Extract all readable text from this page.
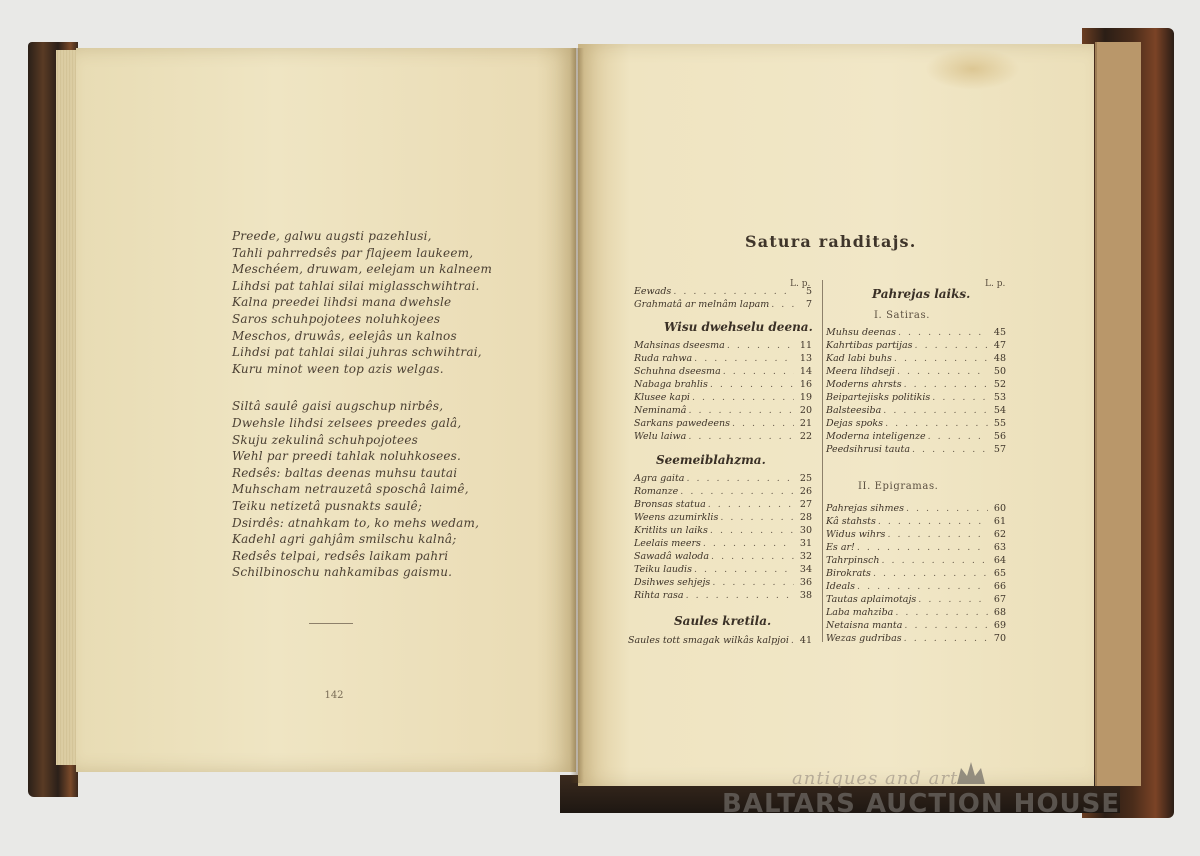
Preede, galwu augsti pazehlusi,
Tahli pahrredsês par flajeem laukeem,
Meschéem, druwam, eelejam un kalneem
Lihdsi pat tahlai silai miglasschwihtrai.
Kalna preedei lihdsi mana dwehsle
Saros schuhpojotees noluhkojees
Meschos, druwâs, eelejâs un kalnos
Lihdsi pat tahlai silai juhras schwihtrai,
Kuru minot ween top azis welgas.
Siltâ saulê gaisi augschup nirbês,
Dwehsle lihdsi zelsees preedes galâ,
Skuju zekulinâ schuhpojotees
Wehl par preedi tahlak noluhkosees.
Redsês: baltas deenas muhsu tautai
Muhscham netrauzetâ sposchâ laimê,
Teiku netizetâ pusnakts saulê;
Dsirdês: atnahkam to, ko mehs wedam,
Kadehl agri gahjâm smilschu kalnâ;
Redsês telpai, redsês laikam pahri
Schilbinoschu nahkamibas gaismu.
142
Satura rahditajs.
L. p.	L. p.
Eewads . . .	5
Grahmatâ ar melnâm lapam . . .	7
Wisu dwehselu deena.
Mahsinas dseesma . . .	11
Ruda rahwa . . .	13
Schuhna dseesma . . .	14
Nabaga brahlis . . .	16
Klusee kapi . . .	19
Neminamâ . . .	20
Sarkans pawedeens . . .	21
Welu laiwa . . .	22
Seemeiblahzma.
Agra gaita . . .	25
Romanze . . .	26
Bronsas statua . . .	27
Weens azumirklis . . .	28
Kritlits un laiks . . .	30
Leelais meers . . .	31
Sawadâ waloda . . .	32
Teiku laudis . . .	34
Dsihwes sehjejs . . .	36
Rihta rasa . . .	38
Saules kretila.
Saules tott smagak wilkâs kalpjoi . . .	41
Pahrejas laiks.
I. Satiras.
Muhsu deenas . . .	45
Kahrtibas partijas . . .	47
Kad labi buhs . . .	48
Meera lihdseji . . .	50
Moderns ahrsts . . .	52
Beipartejisks politikis . . .	53
Balsteesiba . . .	54
Dejas spoks . . .	55
Moderna inteligenze . . .	56
Peedsihrusi tauta . . .	57
II. Epigramas.
Pahrejas sihmes . . .	60
Kâ stahsts . . .	61
Widus wihrs . . .	62
Es ar! . . .	63
Tahrpinsch . . .	64
Birokrats . . .	65
Ideals . . .	66
Tautas aplaimotajs . . .	67
Laba mahziba . . .	68
Netaisna manta . . .	69
Wezas gudribas . . .	70
antiques and art
BALTARS AUCTION HOUSE
